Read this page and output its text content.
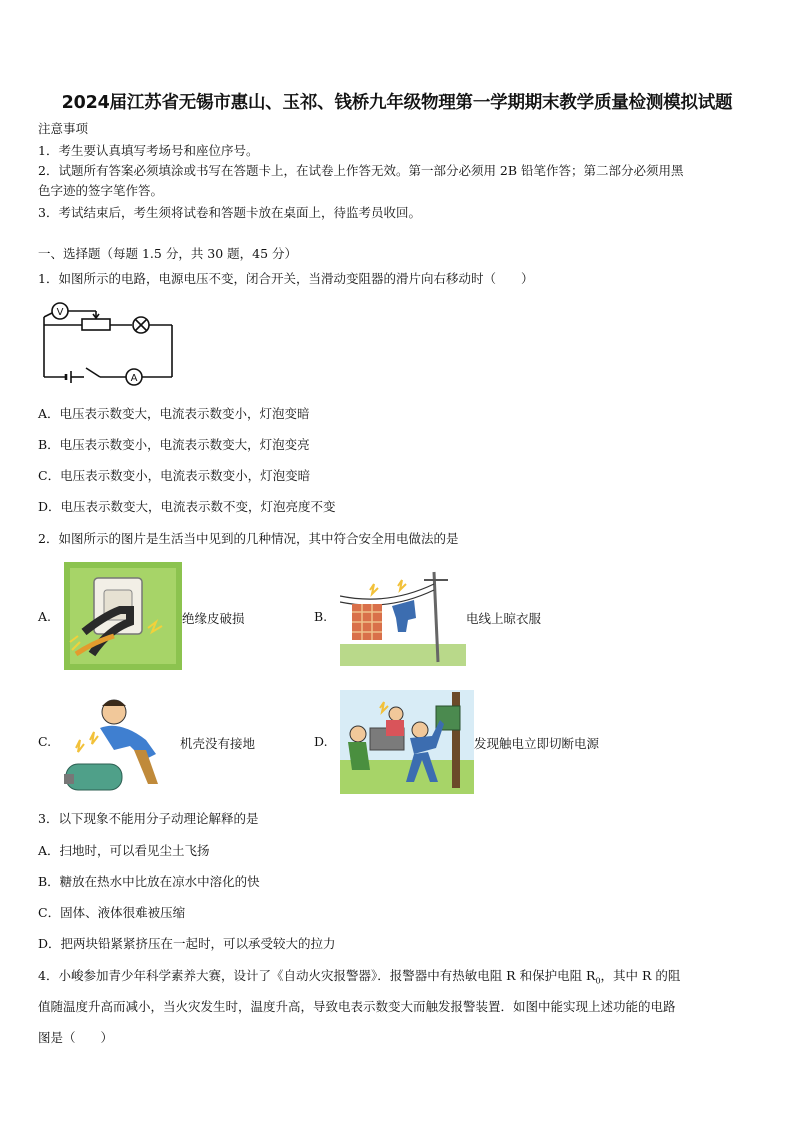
2024届江苏省无锡市惠山、玉祁、钱桥九年级物理第一学期期末教学质量检测模拟试题
注意事项
1．考生要认真填写考场号和座位序号。
2．试题所有答案必须填涂或书写在答题卡上，在试卷上作答无效。第一部分必须用 2B 铅笔作答；第二部分必须用黑
色字迹的签字笔作答。
3．考试结束后，考生须将试卷和答题卡放在桌面上，待监考员收回。
一、选择题（每题 1.5 分，共 30 题，45 分）
1．如图所示的电路，电源电压不变，闭合开关，当滑动变阻器的滑片向右移动时（　　）
V
A
A．电压表示数变大，电流表示数变小，灯泡变暗
B．电压表示数变小，电流表示数变大，灯泡变亮
C．电压表示数变小，电流表示数变小，灯泡变暗
D．电压表示数变大，电流表示数不变，灯泡亮度不变
2．如图所示的图片是生活当中见到的几种情况，其中符合安全用电做法的是
A.	绝缘皮破损	B.	电线上晾衣服
C.	机壳没有接地	D.	发现触电立即切断电源
3．以下现象不能用分子动理论解释的是
A．扫地时，可以看见尘土飞扬
B．糖放在热水中比放在凉水中溶化的快
C．固体、液体很难被压缩
D．把两块铅紧紧挤压在一起时，可以承受较大的拉力
4．小峻参加青少年科学素养大赛，设计了《自动火灾报警器》．报警器中有热敏电阻 R 和保护电阻 $R_0$，其中 R 的阻
值随温度升高而减小，当火灾发生时，温度升高，导致电表示数变大而触发报警装置．如图中能实现上述功能的电路
图是（　　）
